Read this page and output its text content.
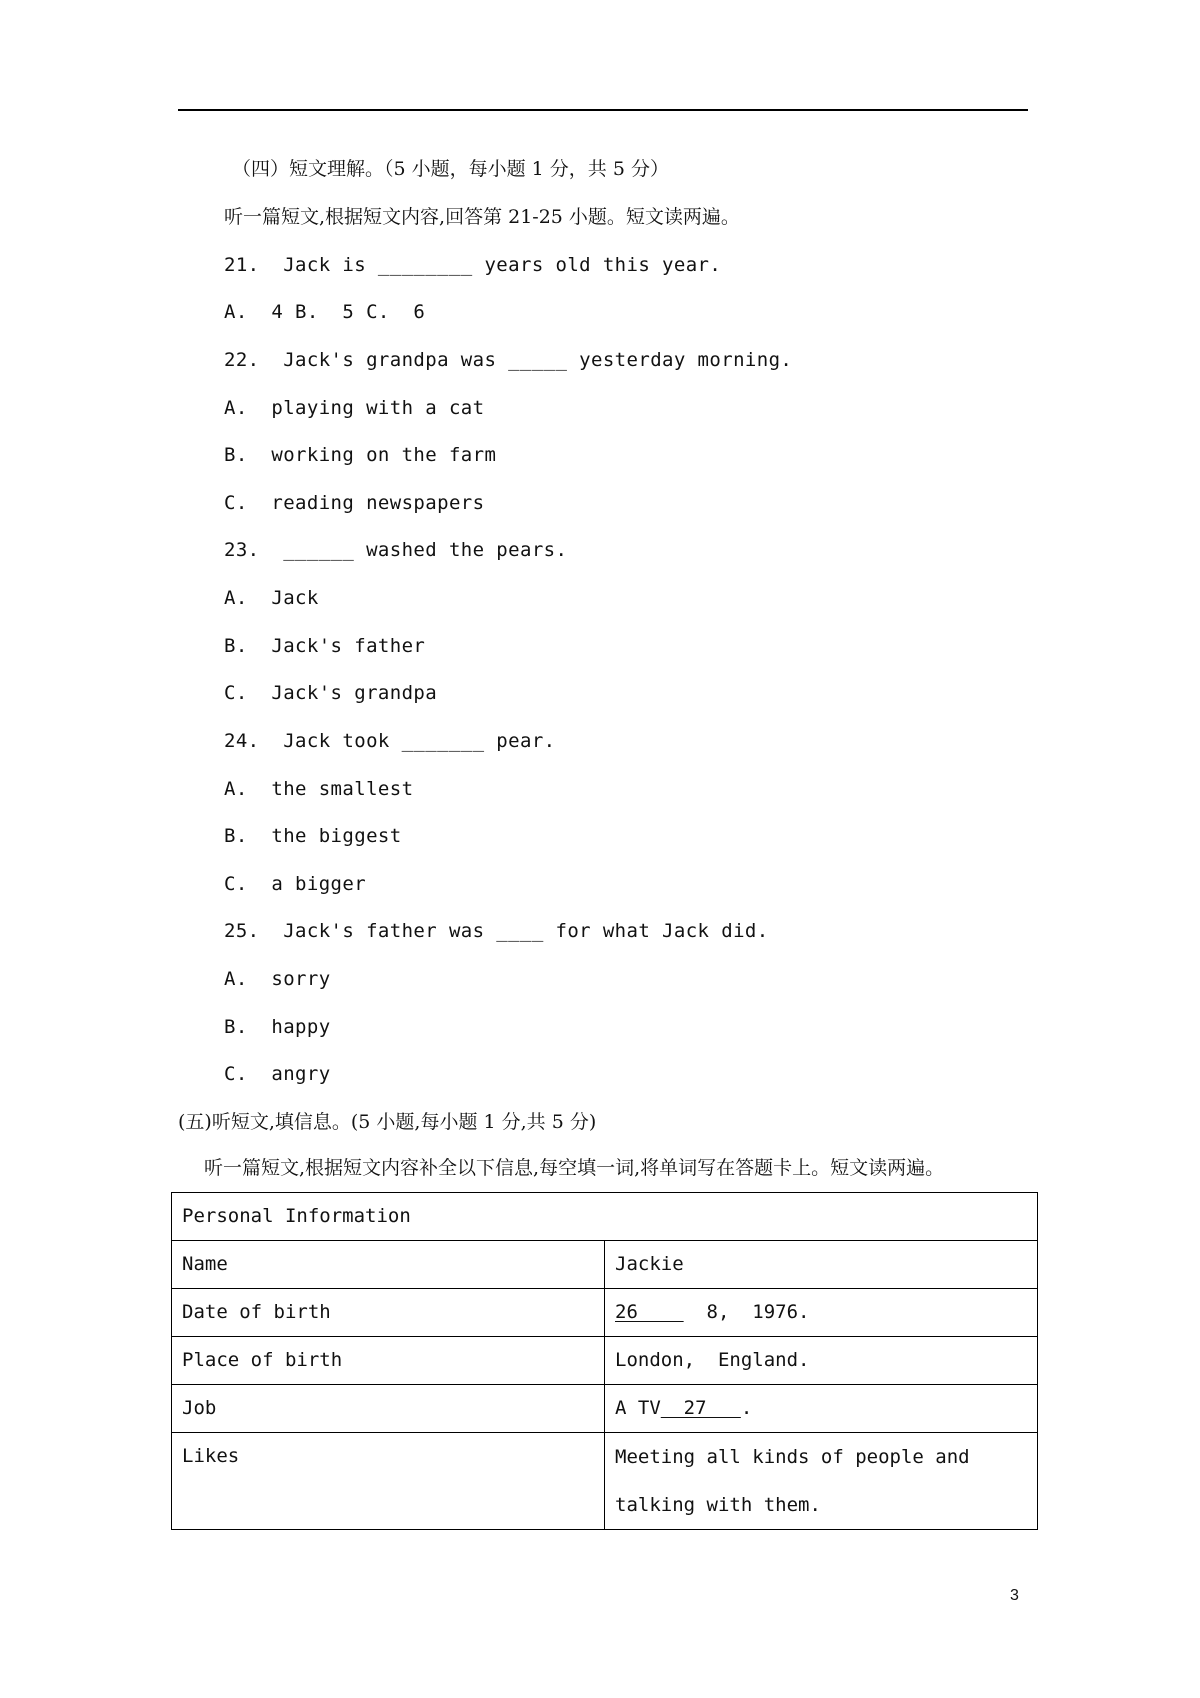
（四）短文理解。（5 小题，每小题 1 分，共 5 分）
听一篇短文,根据短文内容,回答第 21-25 小题。短文读两遍。
21.  Jack is ________ years old this year.
A.  4 B.  5 C.  6
22.  Jack's grandpa was _____ yesterday morning.
A.  playing with a cat
B.  working on the farm
C.  reading newspapers
23.  ______ washed the pears.
A.  Jack
B.  Jack's father
C.  Jack's grandpa
24.  Jack took _______ pear.
A.  the smallest
B.  the biggest
C.  a bigger
25.  Jack's father was ____ for what Jack did.
A.  sorry
B.  happy
C.  angry
(五)听短文,填信息。(5 小题,每小题 1 分,共 5 分)
听一篇短文,根据短文内容补全以下信息,每空填一词,将单词写在答题卡上。短文读两遍。
Personal Information	
Name	Jackie
Date of birth	26      8,  1976.
Place of birth	London,  England.
Job	A TV  27   .
Likes	Meeting all kinds of people and talking with them.
3
